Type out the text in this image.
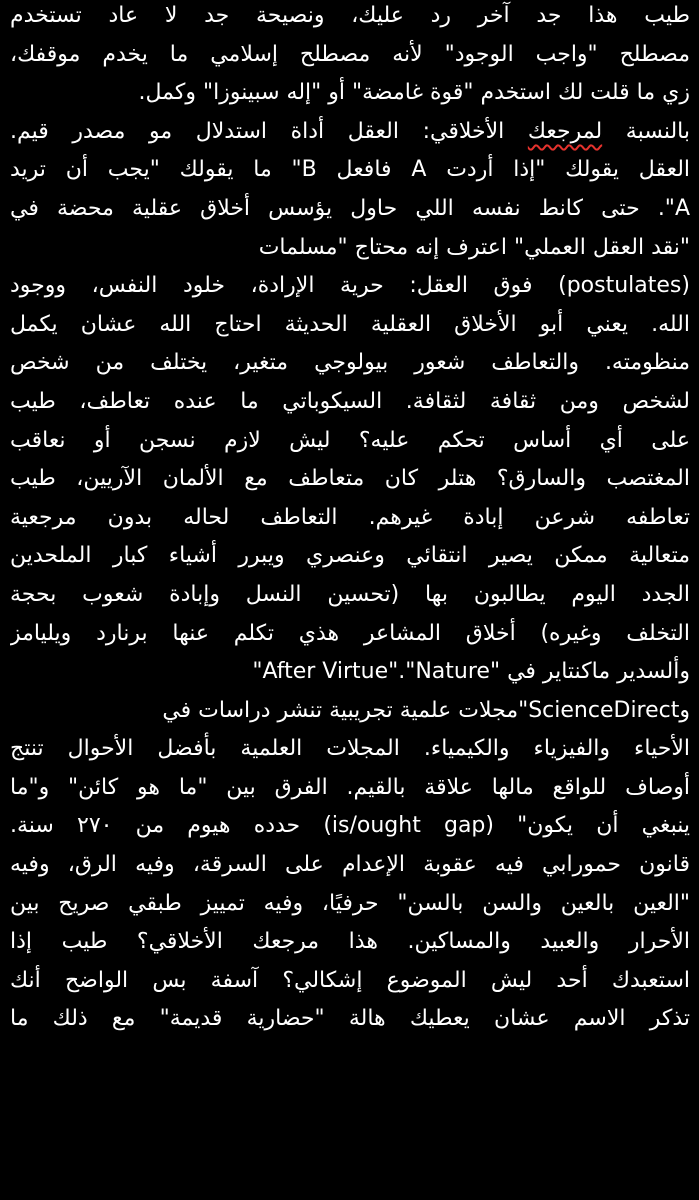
طيب هذا جد آخر رد عليك، ونصيحة جد لا عاد تستخدم
مصطلح "واجب الوجود" لأنه مصطلح إسلامي ما يخدم موقفك،
زي ما قلت لك استخدم "قوة غامضة" أو "إله سبينوزا" وكمل.
بالنسبة لمرجعك الأخلاقي: العقل أداة استدلال مو مصدر قيم.
العقل يقولك "إذا أردت A فافعل B" ما يقولك "يجب أن تريد
A". حتى كانط نفسه اللي حاول يؤسس أخلاق عقلية محضة في
"نقد العقل العملي" اعترف إنه محتاج "مسلمات
(postulates) فوق العقل: حرية الإرادة، خلود النفس، ووجود
الله. يعني أبو الأخلاق العقلية الحديثة احتاج الله عشان يكمل
منظومته. والتعاطف شعور بيولوجي متغير، يختلف من شخص
لشخص ومن ثقافة لثقافة. السيكوباتي ما عنده تعاطف، طيب
على أي أساس تحكم عليه؟ ليش لازم نسجن أو نعاقب
المغتصب والسارق؟ هتلر كان متعاطف مع الألمان الآريين، طيب
تعاطفه شرعن إبادة غيرهم. التعاطف لحاله بدون مرجعية
متعالية ممكن يصير انتقائي وعنصري ويبرر أشياء كبار الملحدين
الجدد اليوم يطالبون بها (تحسين النسل وإبادة شعوب بحجة
التخلف وغيره) أخلاق المشاعر هذي تكلم عنها برنارد ويليامز
وألسدير ماكنتاير في "After Virtue"."Nature"
وScienceDirect"مجلات علمية تجريبية تنشر دراسات في
الأحياء والفيزياء والكيمياء. المجلات العلمية بأفضل الأحوال تنتج
أوصاف للواقع مالها علاقة بالقيم. الفرق بين "ما هو كائن" و"ما
ينبغي أن يكون" (is/ought gap) حدده هيوم من ٢٧٠ سنة.
قانون حمورابي فيه عقوبة الإعدام على السرقة، وفيه الرق، وفيه
"العين بالعين والسن بالسن" حرفيًا، وفيه تمييز طبقي صريح بين
الأحرار والعبيد والمساكين. هذا مرجعك الأخلاقي؟ طيب إذا
استعبدك أحد ليش الموضوع إشكالي؟ آسفة بس الواضح أنك
تذكر الاسم عشان يعطيك هالة "حضارية قديمة" مع ذلك ما
